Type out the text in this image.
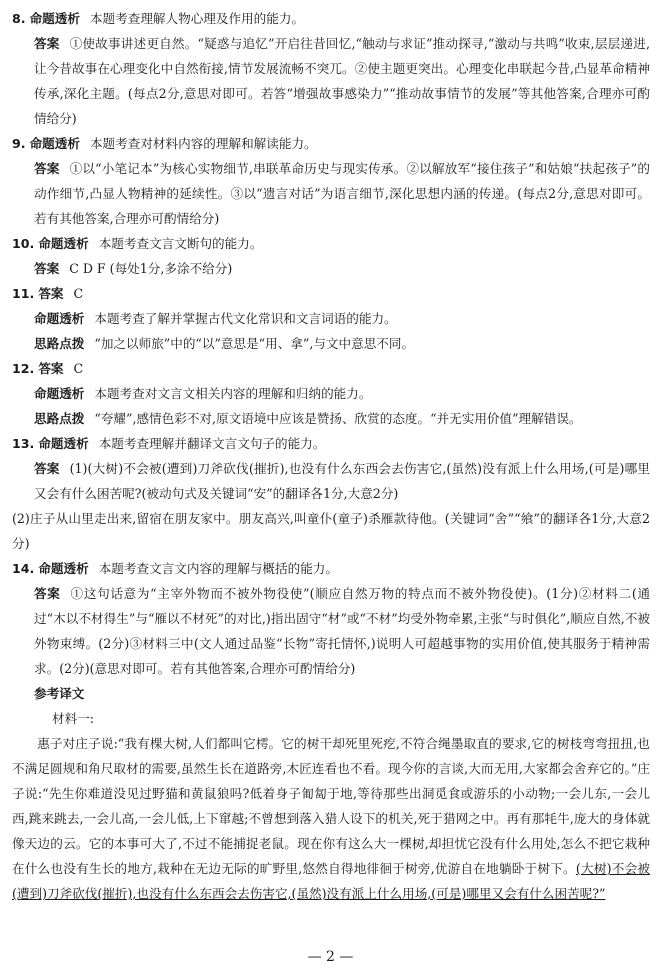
8. 命题透析 本题考查理解人物心理及作用的能力。

答案 ①使故事讲述更自然。“疑惑与追忆”开启往昔回忆,“触动与求证”推动探寻,“激动与共鸣”收束,层层递进,让今昔故事在心理变化中自然衔接,情节发展流畅不突兀。②使主题更突出。心理变化串联起今昔,凸显革命精神传承,深化主题。(每点2分,意思对即可。若答“增强故事感染力”“推动故事情节的发展”等其他答案,合理亦可酌情给分)

9. 命题透析 本题考查对材料内容的理解和解读能力。

答案 ①以“小笔记本”为核心实物细节,串联革命历史与现实传承。②以解放军“接住孩子”和姑娘“扶起孩子”的动作细节,凸显人物精神的延续性。③以“遗言对话”为语言细节,深化思想内涵的传递。(每点2分,意思对即可。若有其他答案,合理亦可酌情给分)

10. 命题透析 本题考查文言文断句的能力。

答案 C D F (每处1分,多涂不给分)

11. 答案 C

命题透析 本题考查了解并掌握古代文化常识和文言词语的能力。

思路点拨 “加之以师旅”中的“以”意思是“用、拿”,与文中意思不同。

12. 答案 C

命题透析 本题考查对文言文相关内容的理解和归纳的能力。

思路点拨 “夸耀”,感情色彩不对,原文语境中应该是赞扬、欣赏的态度。“并无实用价值”理解错误。

13. 命题透析 本题考查理解并翻译文言文句子的能力。

答案 (1)(大树)不会被(遭到)刀斧砍伐(摧折),也没有什么东西会去伤害它,(虽然)没有派上什么用场,(可是)哪里又会有什么困苦呢?(被动句式及关键词“安”的翻译各1分,大意2分)

(2)庄子从山里走出来,留宿在朋友家中。朋友高兴,叫童仆(童子)杀雁款待他。(关键词“舍”“飨”的翻译各1分,大意2分)

14. 命题透析 本题考查文言文内容的理解与概括的能力。

答案 ①这句话意为“主宰外物而不被外物役使”(顺应自然万物的特点而不被外物役使)。(1分)②材料二(通过“木以不材得生”与“雁以不材死”的对比,)指出固守“材”或“不材”均受外物牵累,主张“与时俱化”,顺应自然,不被外物束缚。(2分)③材料三中(文人通过品鉴“长物”寄托情怀,)说明人可超越事物的实用价值,使其服务于精神需求。(2分)(意思对即可。若有其他答案,合理亦可酌情给分)

参考译文

材料一:

惠子对庄子说:“我有棵大树,人们都叫它樗。它的树干却死里死疙,不符合绳墨取直的要求,它的树枝弯弯扭扭,也不满足圆规和角尺取材的需要,虽然生长在道路旁,木匠连看也不看。现今你的言谈,大而无用,大家都会舍弃它的。”庄子说:“先生你难道没见过野猫和黄鼠狼吗?低着身子匍匐于地,等待那些出洞觅食或游乐的小动物;一会儿东,一会儿西,跳来跳去,一会儿高,一会儿低,上下窜越;不曾想到落入猎人设下的机关,死于猎网之中。再有那牦牛,庞大的身体就像天边的云。它的本事可大了,不过不能捕捉老鼠。现在你有这么大一棵树,却担忧它没有什么用处,怎么不把它栽种在什么也没有生长的地方,栽种在无边无际的旷野里,悠然自得地徘徊于树旁,优游自在地躺卧于树下。(大树)不会被(遭到)刀斧砍伐(摧折),也没有什么东西会去伤害它,(虽然)没有派上什么用场,(可是)哪里又会有什么困苦呢?”

— 2 —
